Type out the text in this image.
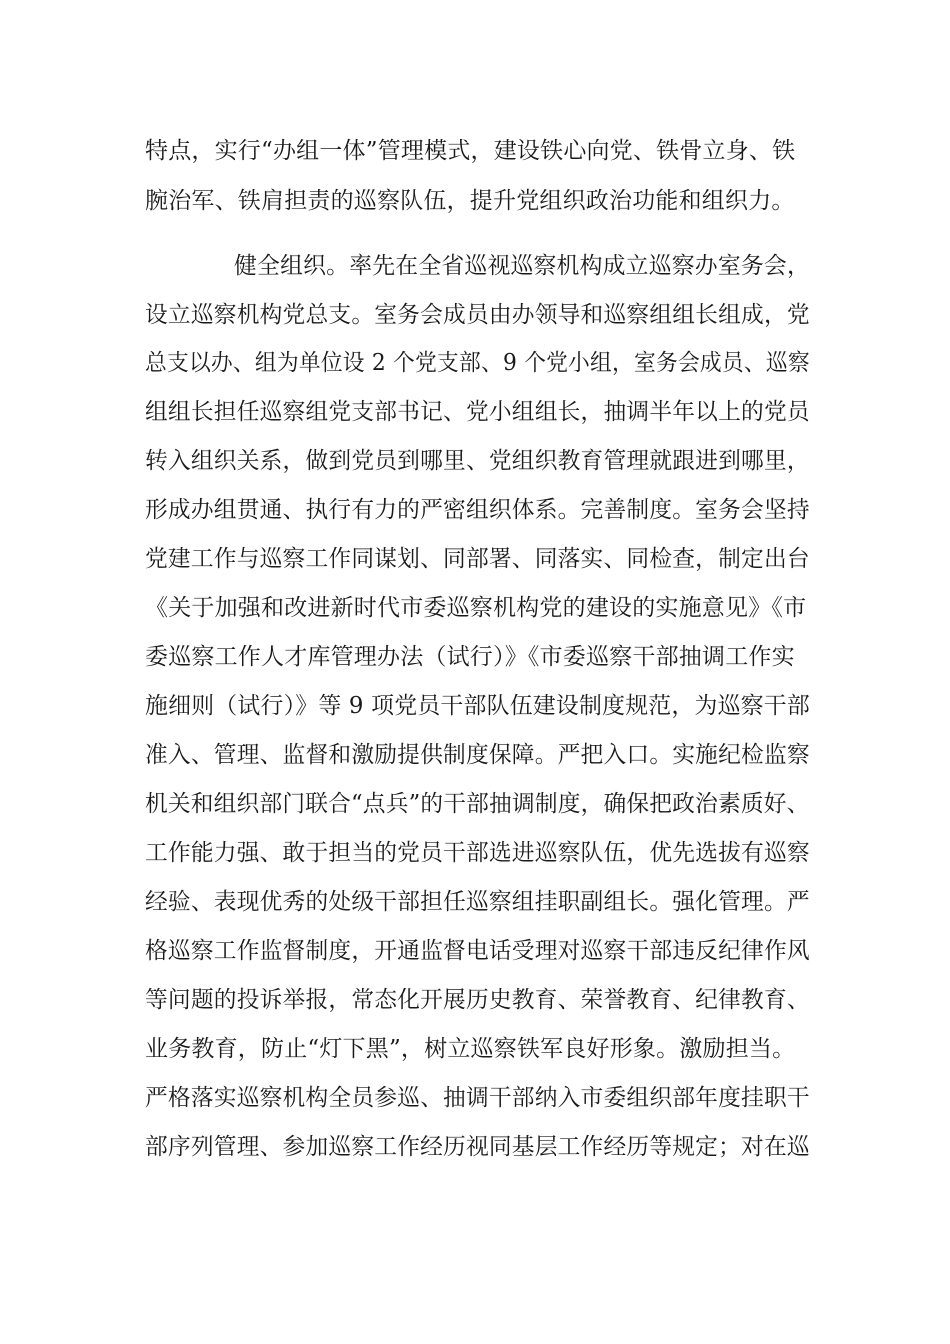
特点，实行“办组一体”管理模式，建设铁心向党、铁骨立身、铁

腕治军、铁肩担责的巡察队伍，提升党组织政治功能和组织力。

健全组织。率先在全省巡视巡察机构成立巡察办室务会，

设立巡察机构党总支。室务会成员由办领导和巡察组组长组成，党

总支以办、组为单位设 2 个党支部、9 个党小组，室务会成员、巡察

组组长担任巡察组党支部书记、党小组组长，抽调半年以上的党员

转入组织关系，做到党员到哪里、党组织教育管理就跟进到哪里，

形成办组贯通、执行有力的严密组织体系。完善制度。室务会坚持

党建工作与巡察工作同谋划、同部署、同落实、同检查，制定出台

《关于加强和改进新时代市委巡察机构党的建设的实施意见》《市

委巡察工作人才库管理办法（试行）》《市委巡察干部抽调工作实

施细则（试行）》等 9 项党员干部队伍建设制度规范，为巡察干部

准入、管理、监督和激励提供制度保障。严把入口。实施纪检监察

机关和组织部门联合“点兵”的干部抽调制度，确保把政治素质好、

工作能力强、敢于担当的党员干部选进巡察队伍，优先选拔有巡察

经验、表现优秀的处级干部担任巡察组挂职副组长。强化管理。严

格巡察工作监督制度，开通监督电话受理对巡察干部违反纪律作风

等问题的投诉举报，常态化开展历史教育、荣誉教育、纪律教育、

业务教育，防止“灯下黑”，树立巡察铁军良好形象。激励担当。

严格落实巡察机构全员参巡、抽调干部纳入市委组织部年度挂职干

部序列管理、参加巡察工作经历视同基层工作经历等规定；对在巡
